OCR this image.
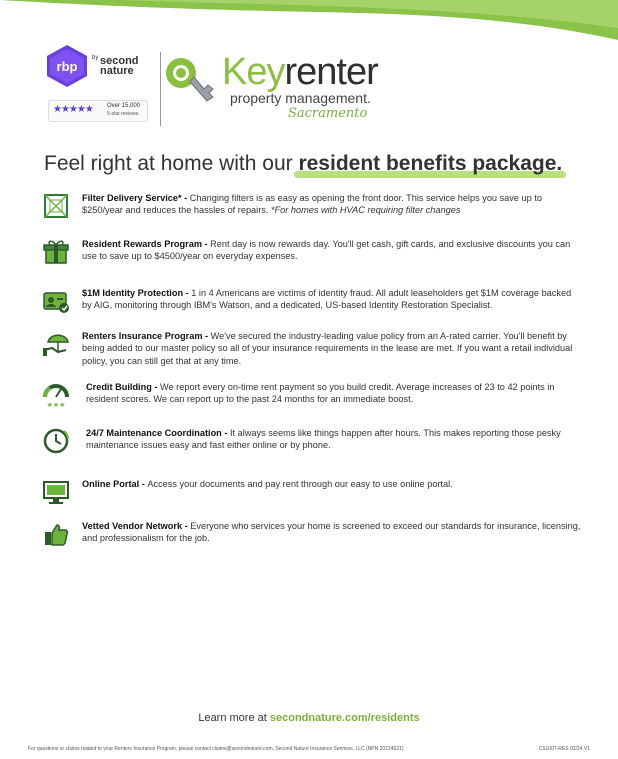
rbp
by second nature
★★★★★ Over 15,000
5-star reviews
Keyrenter
property management.
Sacramento
Feel right at home with our
resident benefits package.
Filter Delivery Service* - Changing filters is as easy as opening the front door. This service helps you save up to $250/year and reduces the hassles of repairs. *For homes with HVAC requiring filter changes
Resident Rewards Program - Rent day is now rewards day. You'll get cash, gift cards, and exclusive discounts you can use to save up to $4500/year on everyday expenses.
$1M Identity Protection - 1 in 4 Americans are victims of identity fraud. All adult leaseholders get $1M coverage backed by AIG, monitoring through IBM's Watson, and a dedicated, US-based Identity Restoration Specialist.
Renters Insurance Program - We've secured the industry-leading value policy from an A-rated carrier. You'll benefit by being added to our master policy so all of your insurance requirements in the lease are met. If you want a retail individual policy, you can still get that at any time.
★★★
Credit Building - We report every on-time rent payment so you build credit. Average increases of 23 to 42 points in resident scores. We can report up to the past 24 months for an immediate boost.
24/7 Maintenance Coordination - It always seems like things happen after hours. This makes reporting those pesky maintenance issues easy and fast either online or by phone.
Online Portal - Access your documents and pay rent through our easy to use online portal.
Vetted Vendor Network - Everyone who services your home is screened to exceed our standards for insurance, licensing, and professionalism for the job.
Learn more at secondnature.com/residents
For questions or claims related to your Renters Insurance Program, please contact claims@secondnature.com, Second Nature Insurance Services, LLC (NPN 20224621)	CS1007-RES 02/24 V1
